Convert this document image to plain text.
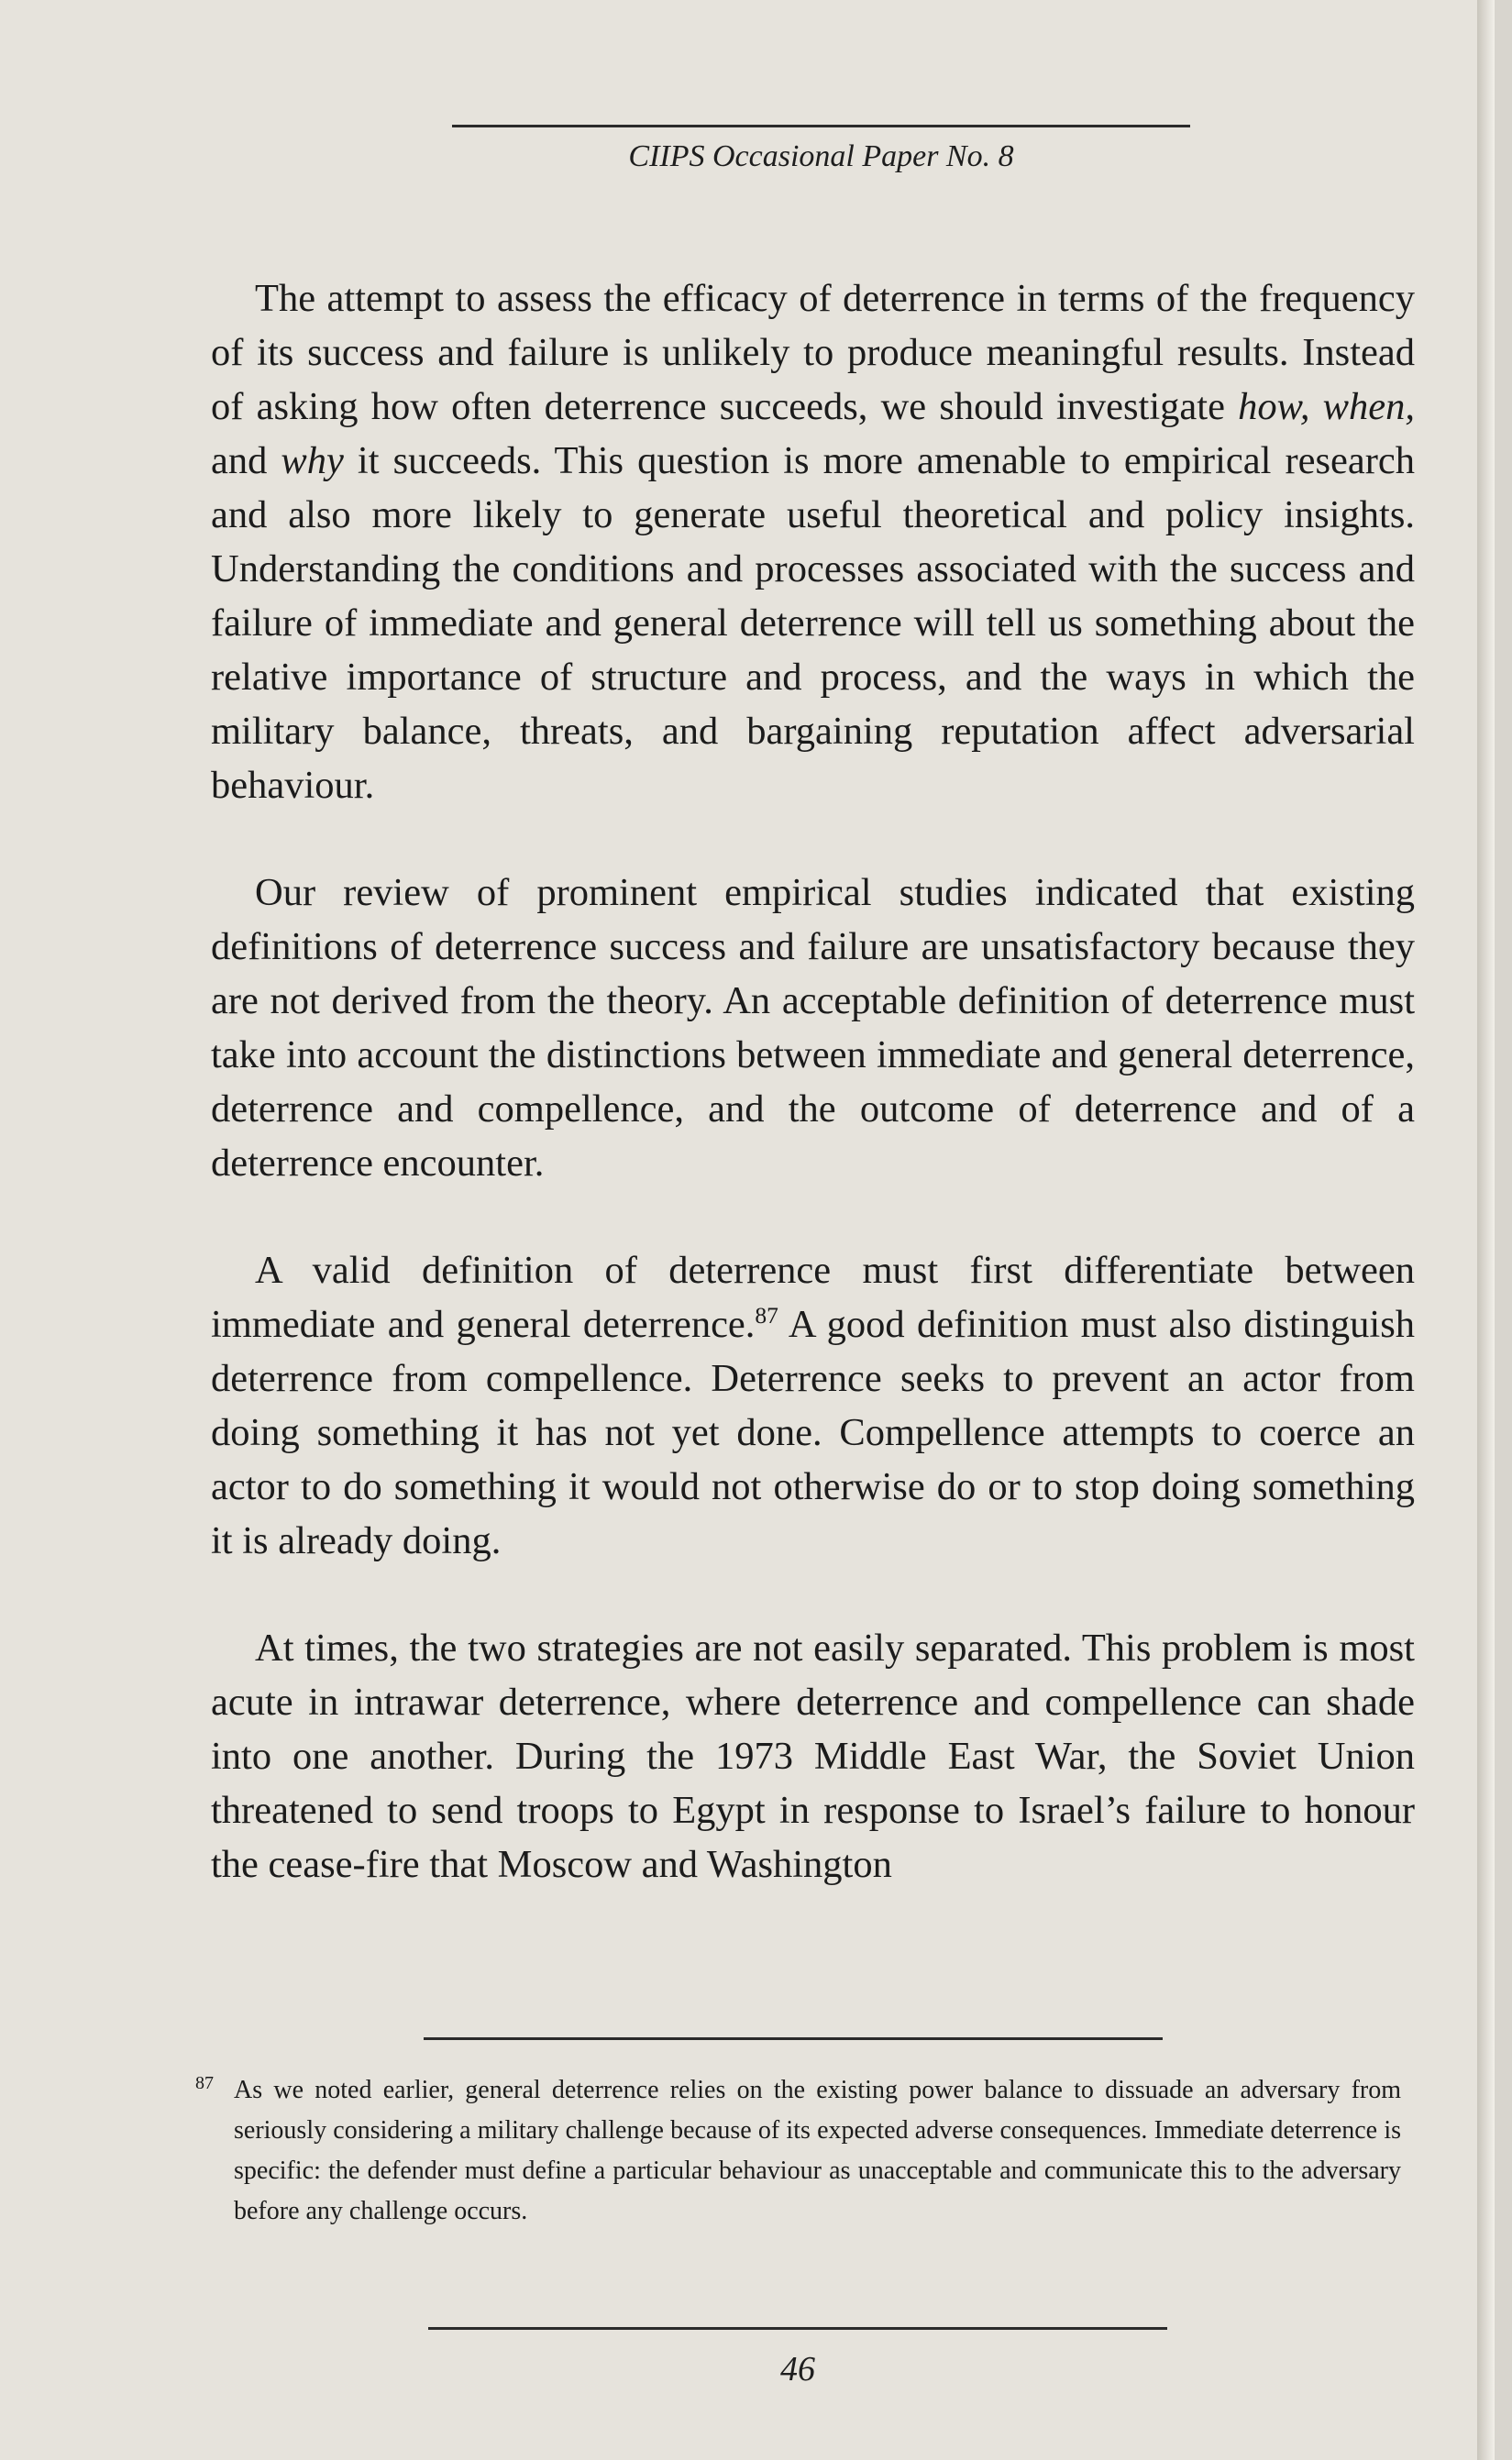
CIIPS Occasional Paper No. 8

The attempt to assess the efficacy of deterrence in terms of the frequency of its success and failure is unlikely to produce meaningful results. Instead of asking how often deterrence succeeds, we should investigate how, when, and why it succeeds. This question is more amenable to empirical research and also more likely to generate useful theoretical and policy insights. Understanding the conditions and processes associated with the success and failure of immediate and general deterrence will tell us something about the relative importance of structure and process, and the ways in which the military balance, threats, and bargaining reputation affect adversarial behaviour.

Our review of prominent empirical studies indicated that existing definitions of deterrence success and failure are unsatisfactory because they are not derived from the theory. An acceptable definition of deterrence must take into account the distinctions between immediate and general deterrence, deterrence and compellence, and the outcome of deterrence and of a deterrence encounter.

A valid definition of deterrence must first differentiate between immediate and general deterrence.$^{87}$ A good definition must also distinguish deterrence from compellence. Deterrence seeks to prevent an actor from doing something it has not yet done. Compellence attempts to coerce an actor to do something it would not otherwise do or to stop doing something it is already doing.

At times, the two strategies are not easily separated. This problem is most acute in intrawar deterrence, where deterrence and compellence can shade into one another. During the 1973 Middle East War, the Soviet Union threatened to send troops to Egypt in response to Israel’s failure to honour the cease-fire that Moscow and Washington

87 As we noted earlier, general deterrence relies on the existing power balance to dissuade an adversary from seriously considering a military challenge because of its expected adverse consequences. Immediate deterrence is specific: the defender must define a particular behaviour as unacceptable and communicate this to the adversary before any challenge occurs.
46
